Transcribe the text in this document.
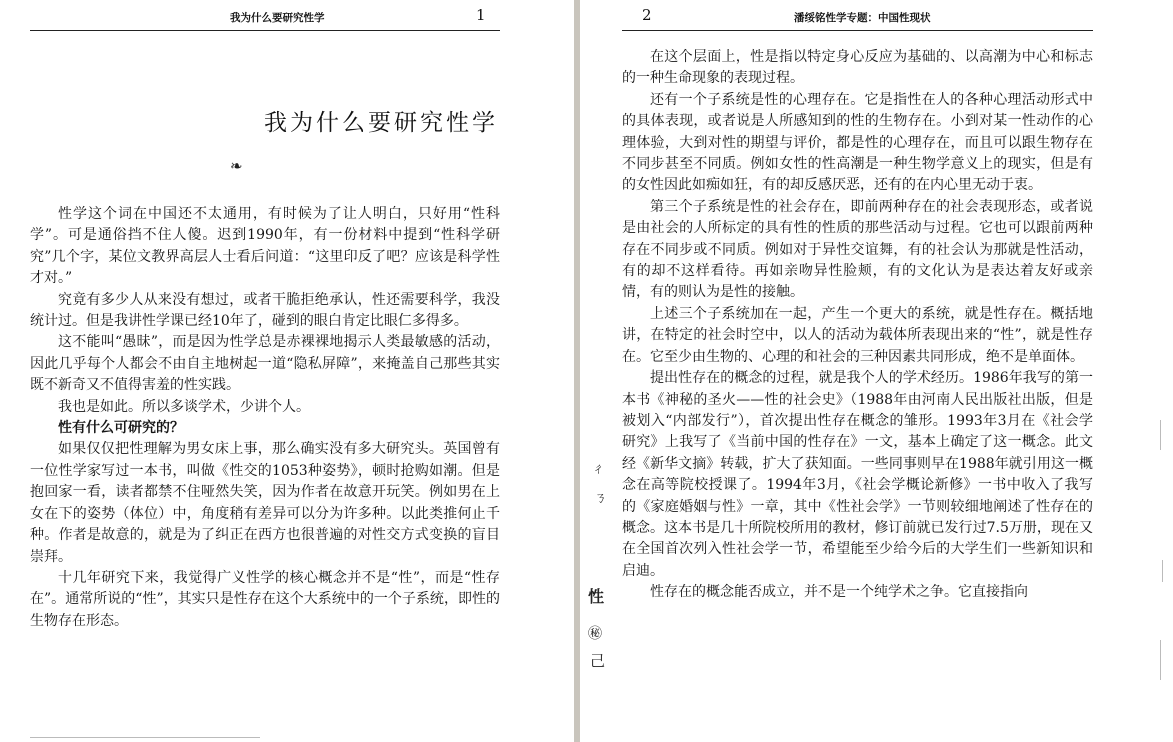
我为什么要研究性学	1
我为什么要研究性学
❧

性学这个词在中国还不太通用，有时候为了让人明白，只好用“性科学”。可是通俗挡不住人傻。迟到1990年，有一份材料中提到“性科学研究”几个字，某位文教界高层人士看后问道：“这里印反了吧？应该是科学性才对。”

究竟有多少人从来没有想过，或者干脆拒绝承认，性还需要科学，我没统计过。但是我讲性学课已经10年了，碰到的眼白肯定比眼仁多得多。

这不能叫“愚昧”，而是因为性学总是赤裸裸地揭示人类最敏感的活动，因此几乎每个人都会不由自主地树起一道“隐私屏障”，来掩盖自己那些其实既不新奇又不值得害羞的性实践。

我也是如此。所以多谈学术，少讲个人。

性有什么可研究的？

如果仅仅把性理解为男女床上事，那么确实没有多大研究头。英国曾有一位性学家写过一本书，叫做《性交的1053种姿势》，顿时抢购如潮。但是抱回家一看，读者都禁不住哑然失笑，因为作者在故意开玩笑。例如男在上女在下的姿势（体位）中，角度稍有差异可以分为许多种。以此类推何止千种。作者是故意的，就是为了纠正在西方也很普遍的对性交方式变换的盲目崇拜。

十几年研究下来，我觉得广义性学的核心概念并不是“性”，而是“性存在”。通常所说的“性”，其实只是性存在这个大系统中的一个子系统，即性的生物存在形态。

2	潘绥铭性学专题：中国性现状

在这个层面上，性是指以特定身心反应为基础的、以高潮为中心和标志的一种生命现象的表现过程。

还有一个子系统是性的心理存在。它是指性在人的各种心理活动形式中的具体表现，或者说是人所感知到的性的生物存在。小到对某一性动作的心理体验，大到对性的期望与评价，都是性的心理存在，而且可以跟生物存在不同步甚至不同质。例如女性的性高潮是一种生物学意义上的现实，但是有的女性因此如痴如狂，有的却反感厌恶，还有的在内心里无动于衷。

第三个子系统是性的社会存在，即前两种存在的社会表现形态，或者说是由社会的人所标定的具有性的性质的那些活动与过程。它也可以跟前两种存在不同步或不同质。例如对于异性交谊舞，有的社会认为那就是性活动，有的却不这样看待。再如亲吻异性脸颊，有的文化认为是表达着友好或亲情，有的则认为是性的接触。

上述三个子系统加在一起，产生一个更大的系统，就是性存在。概括地讲，在特定的社会时空中，以人的活动为载体所表现出来的“性”，就是性存在。它至少由生物的、心理的和社会的三种因素共同形成，绝不是单面体。

提出性存在的概念的过程，就是我个人的学术经历。1986年我写的第一本书《神秘的圣火——性的社会史》（1988年由河南人民出版社出版，但是被划入“内部发行”），首次提出性存在概念的雏形。1993年3月在《社会学研究》上我写了《当前中国的性存在》一文，基本上确定了这一概念。此文经《新华文摘》转载，扩大了获知面。一些同事则早在1988年就引用这一概念在高等院校授课了。1994年3月，《社会学概论新修》一书中收入了我写的《家庭婚姻与性》一章，其中《性社会学》一节则较细地阐述了性存在的概念。这本书是几十所院校所用的教材，修订前就已发行过7.5万册，现在又在全国首次列入性社会学一节，希望能至少给今后的大学生们一些新知识和启迪。

性存在的概念能否成立，并不是一个纯学术之争。它直接指向

ㄔ
ㄋ
性
㊙
己
